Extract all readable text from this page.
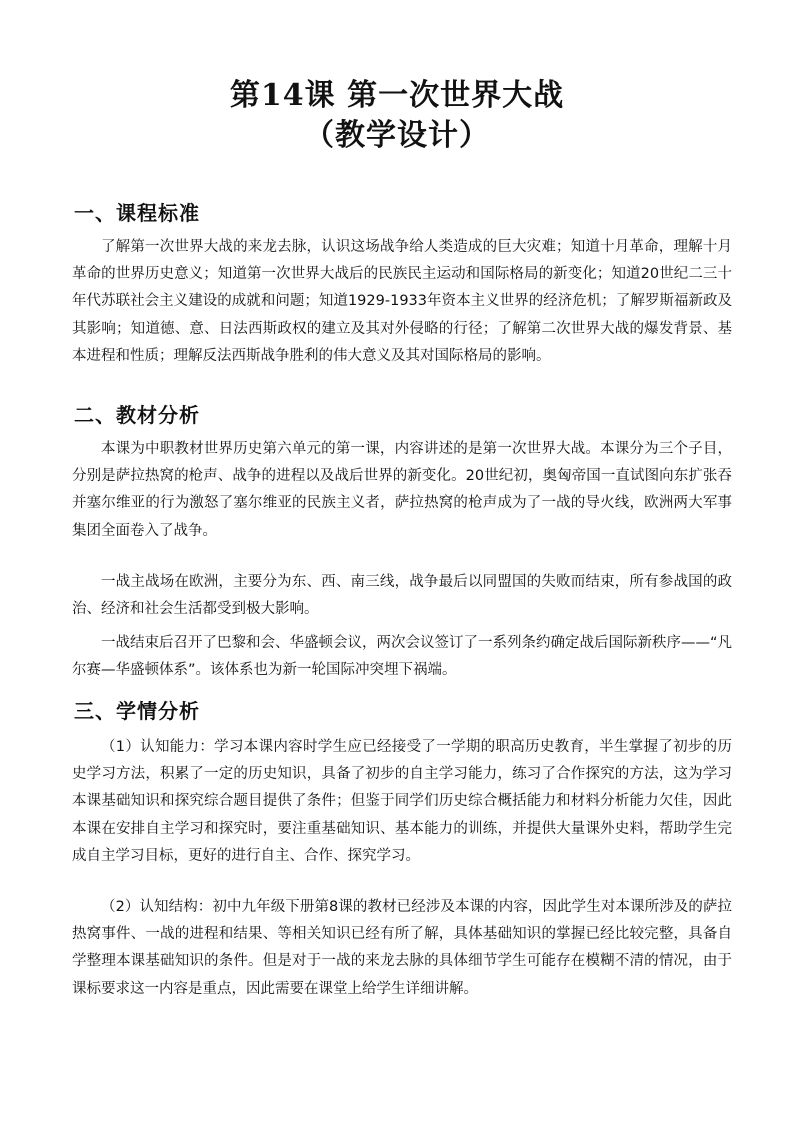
第14课 第一次世界大战
（教学设计）
一、课程标准
了解第一次世界大战的来龙去脉，认识这场战争给人类造成的巨大灾难；知道十月革命，理解十月革命的世界历史意义；知道第一次世界大战后的民族民主运动和国际格局的新变化；知道20世纪二三十年代苏联社会主义建设的成就和问题；知道1929-1933年资本主义世界的经济危机；了解罗斯福新政及其影响；知道德、意、日法西斯政权的建立及其对外侵略的行径；了解第二次世界大战的爆发背景、基本进程和性质；理解反法西斯战争胜利的伟大意义及其对国际格局的影响。
二、教材分析
本课为中职教材世界历史第六单元的第一课，内容讲述的是第一次世界大战。本课分为三个子目，分别是萨拉热窝的枪声、战争的进程以及战后世界的新变化。20世纪初，奥匈帝国一直试图向东扩张吞并塞尔维亚的行为激怒了塞尔维亚的民族主义者，萨拉热窝的枪声成为了一战的导火线，欧洲两大军事集团全面卷入了战争。
一战主战场在欧洲，主要分为东、西、南三线，战争最后以同盟国的失败而结束，所有参战国的政治、经济和社会生活都受到极大影响。
一战结束后召开了巴黎和会、华盛顿会议，两次会议签订了一系列条约确定战后国际新秩序——“凡尔赛—华盛顿体系”。该体系也为新一轮国际冲突埋下祸端。
三、学情分析
（1）认知能力：学习本课内容时学生应已经接受了一学期的职高历史教育，半生掌握了初步的历史学习方法，积累了一定的历史知识，具备了初步的自主学习能力，练习了合作探究的方法，这为学习本课基础知识和探究综合题目提供了条件；但鉴于同学们历史综合概括能力和材料分析能力欠佳，因此本课在安排自主学习和探究时，要注重基础知识、基本能力的训练，并提供大量课外史料，帮助学生完成自主学习目标，更好的进行自主、合作、探究学习。
（2）认知结构：初中九年级下册第8课的教材已经涉及本课的内容，因此学生对本课所涉及的萨拉热窝事件、一战的进程和结果、等相关知识已经有所了解，具体基础知识的掌握已经比较完整，具备自学整理本课基础知识的条件。但是对于一战的来龙去脉的具体细节学生可能存在模糊不清的情况，由于课标要求这一内容是重点，因此需要在课堂上给学生详细讲解。
